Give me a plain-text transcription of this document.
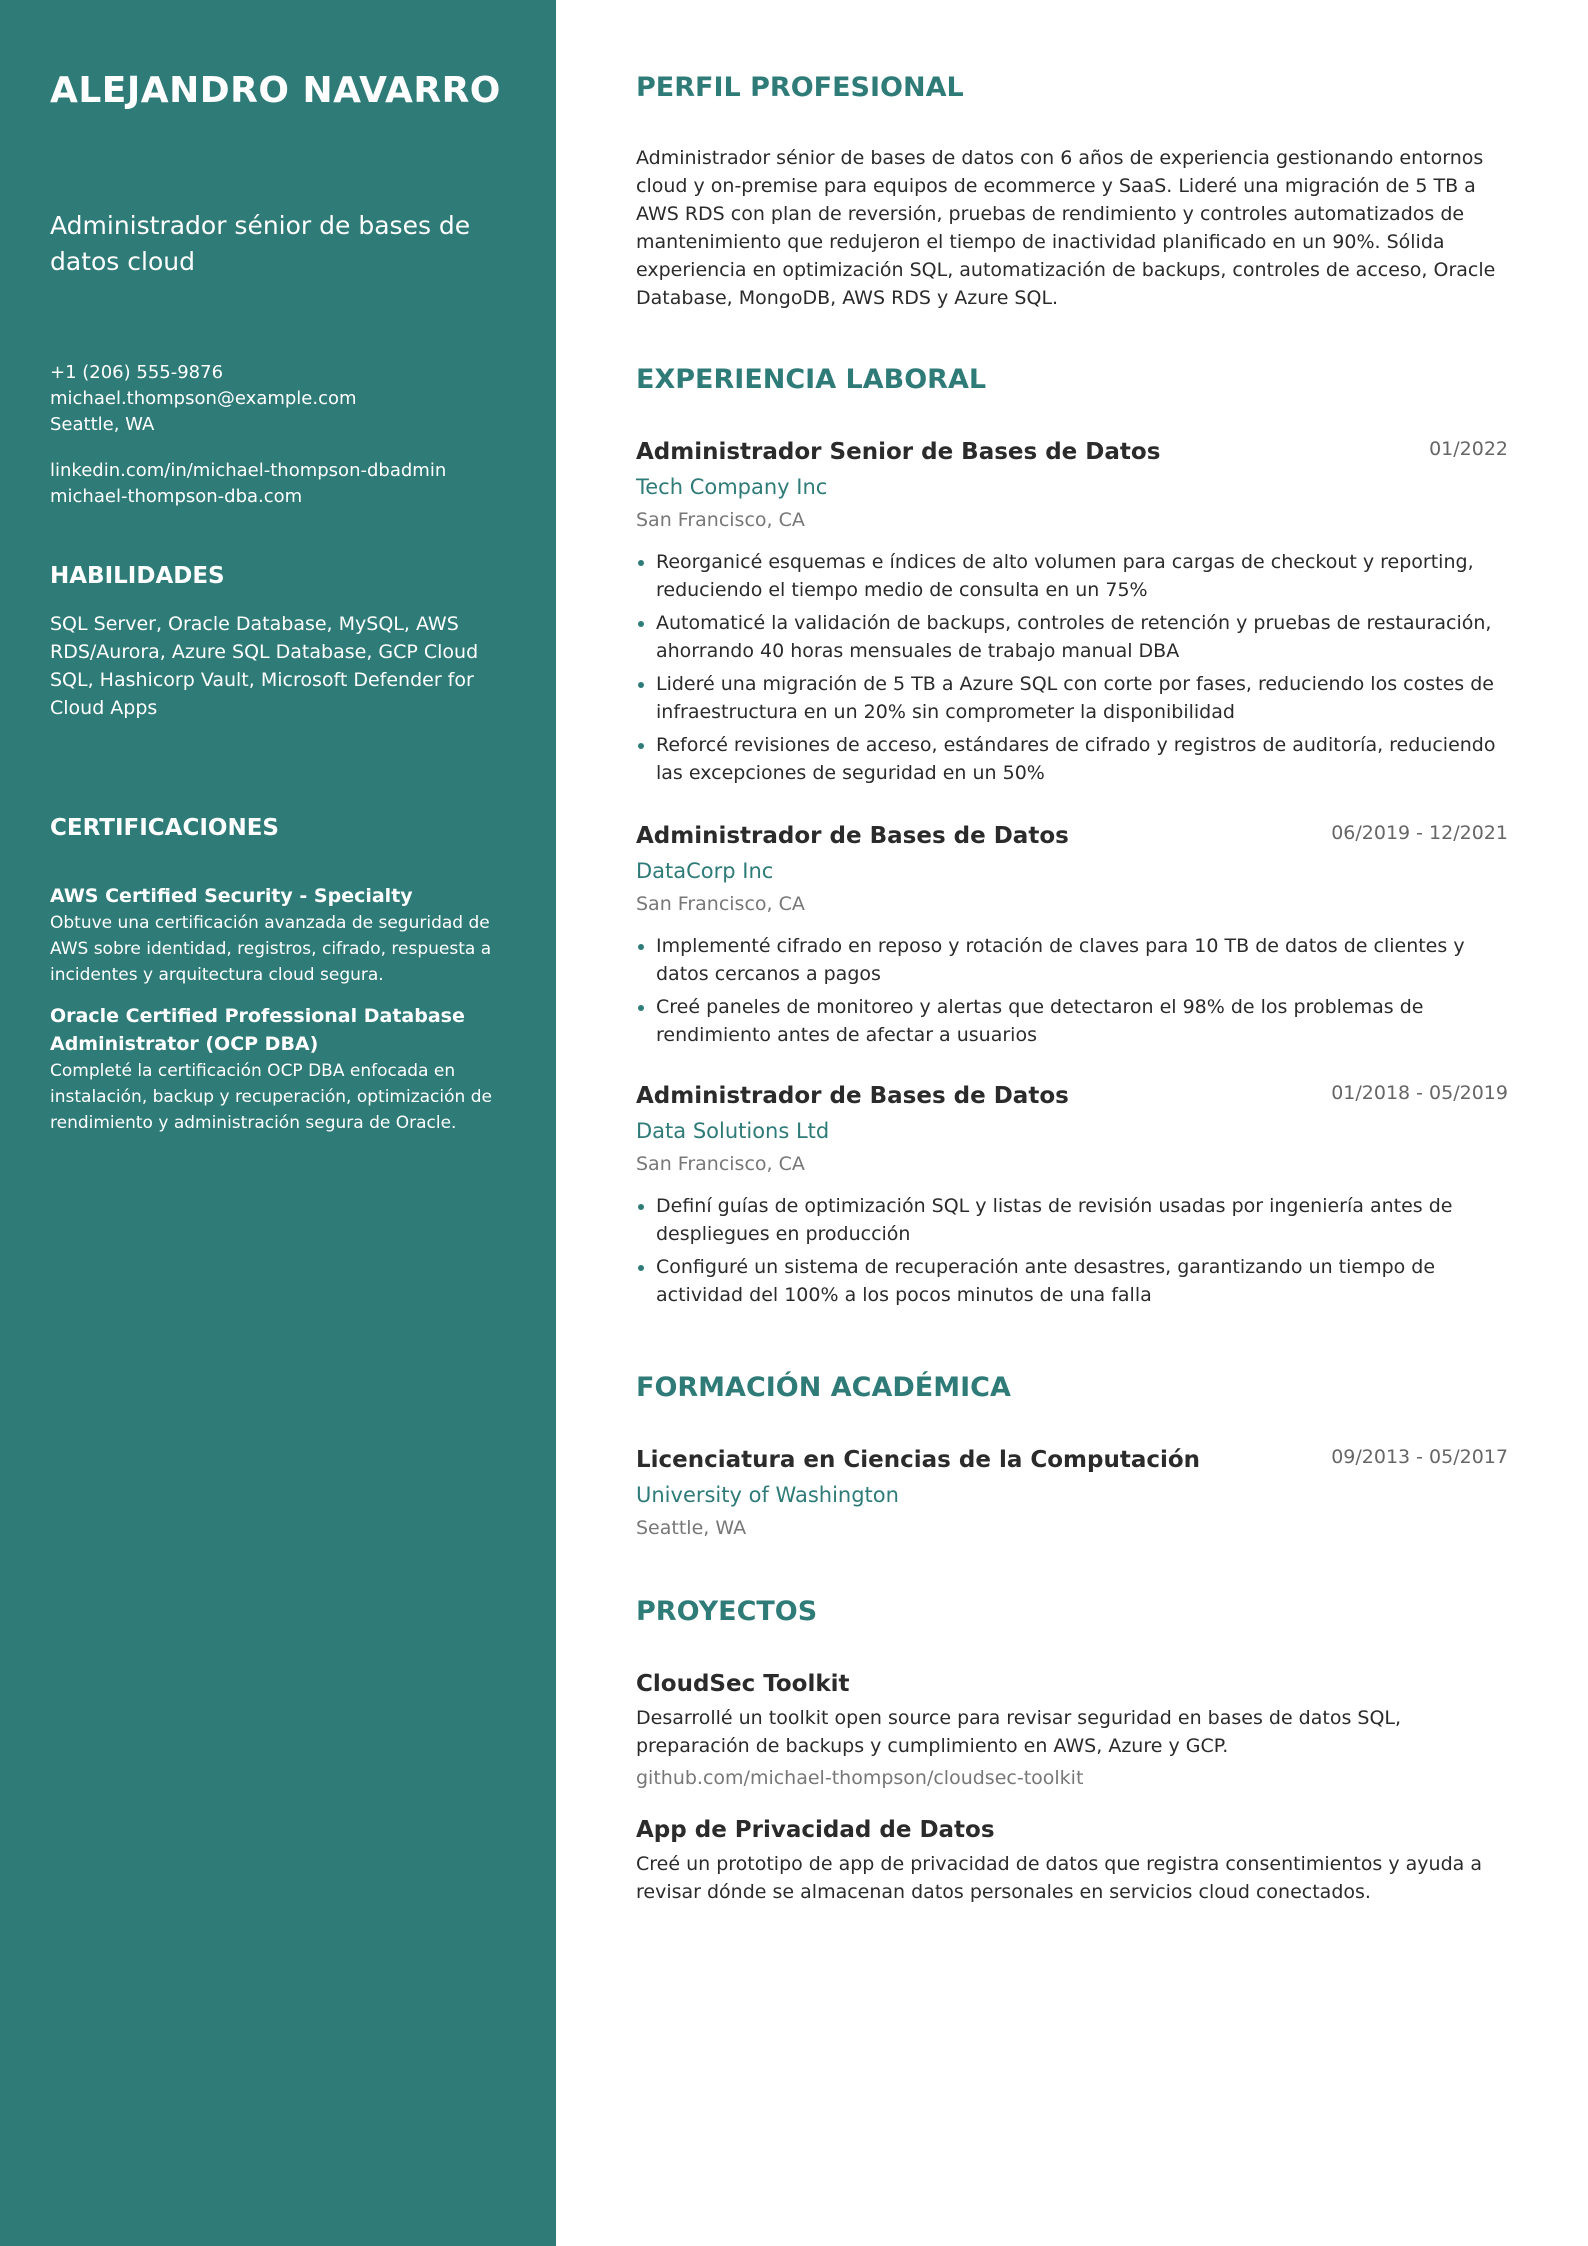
ALEJANDRO NAVARRO
Administrador sénior de bases de datos cloud
+1 (206) 555-9876
michael.thompson@example.com
Seattle, WA
linkedin.com/in/michael-thompson-dbadmin
michael-thompson-dba.com
HABILIDADES
SQL Server, Oracle Database, MySQL, AWS RDS/Aurora, Azure SQL Database, GCP Cloud SQL, Hashicorp Vault, Microsoft Defender for Cloud Apps
CERTIFICACIONES
AWS Certified Security - Specialty
Obtuve una certificación avanzada de seguridad de AWS sobre identidad, registros, cifrado, respuesta a incidentes y arquitectura cloud segura.
Oracle Certified Professional Database Administrator (OCP DBA)
Completé la certificación OCP DBA enfocada en instalación, backup y recuperación, optimización de rendimiento y administración segura de Oracle.
PERFIL PROFESIONAL
Administrador sénior de bases de datos con 6 años de experiencia gestionando entornos cloud y on-premise para equipos de ecommerce y SaaS. Lideré una migración de 5 TB a AWS RDS con plan de reversión, pruebas de rendimiento y controles automatizados de mantenimiento que redujeron el tiempo de inactividad planificado en un 90%. Sólida experiencia en optimización SQL, automatización de backups, controles de acceso, Oracle Database, MongoDB, AWS RDS y Azure SQL.
EXPERIENCIA LABORAL
Administrador Senior de Bases de Datos	01/2022
Tech Company Inc
San Francisco, CA
Reorganicé esquemas e índices de alto volumen para cargas de checkout y reporting, reduciendo el tiempo medio de consulta en un 75%
Automaticé la validación de backups, controles de retención y pruebas de restauración, ahorrando 40 horas mensuales de trabajo manual DBA
Lideré una migración de 5 TB a Azure SQL con corte por fases, reduciendo los costes de infraestructura en un 20% sin comprometer la disponibilidad
Reforcé revisiones de acceso, estándares de cifrado y registros de auditoría, reduciendo las excepciones de seguridad en un 50%
Administrador de Bases de Datos	06/2019 - 12/2021
DataCorp Inc
San Francisco, CA
Implementé cifrado en reposo y rotación de claves para 10 TB de datos de clientes y datos cercanos a pagos
Creé paneles de monitoreo y alertas que detectaron el 98% de los problemas de rendimiento antes de afectar a usuarios
Administrador de Bases de Datos	01/2018 - 05/2019
Data Solutions Ltd
San Francisco, CA
Definí guías de optimización SQL y listas de revisión usadas por ingeniería antes de despliegues en producción
Configuré un sistema de recuperación ante desastres, garantizando un tiempo de actividad del 100% a los pocos minutos de una falla
FORMACIÓN ACADÉMICA
Licenciatura en Ciencias de la Computación	09/2013 - 05/2017
University of Washington
Seattle, WA
PROYECTOS
CloudSec Toolkit
Desarrollé un toolkit open source para revisar seguridad en bases de datos SQL, preparación de backups y cumplimiento en AWS, Azure y GCP.
github.com/michael-thompson/cloudsec-toolkit
App de Privacidad de Datos
Creé un prototipo de app de privacidad de datos que registra consentimientos y ayuda a revisar dónde se almacenan datos personales en servicios cloud conectados.
